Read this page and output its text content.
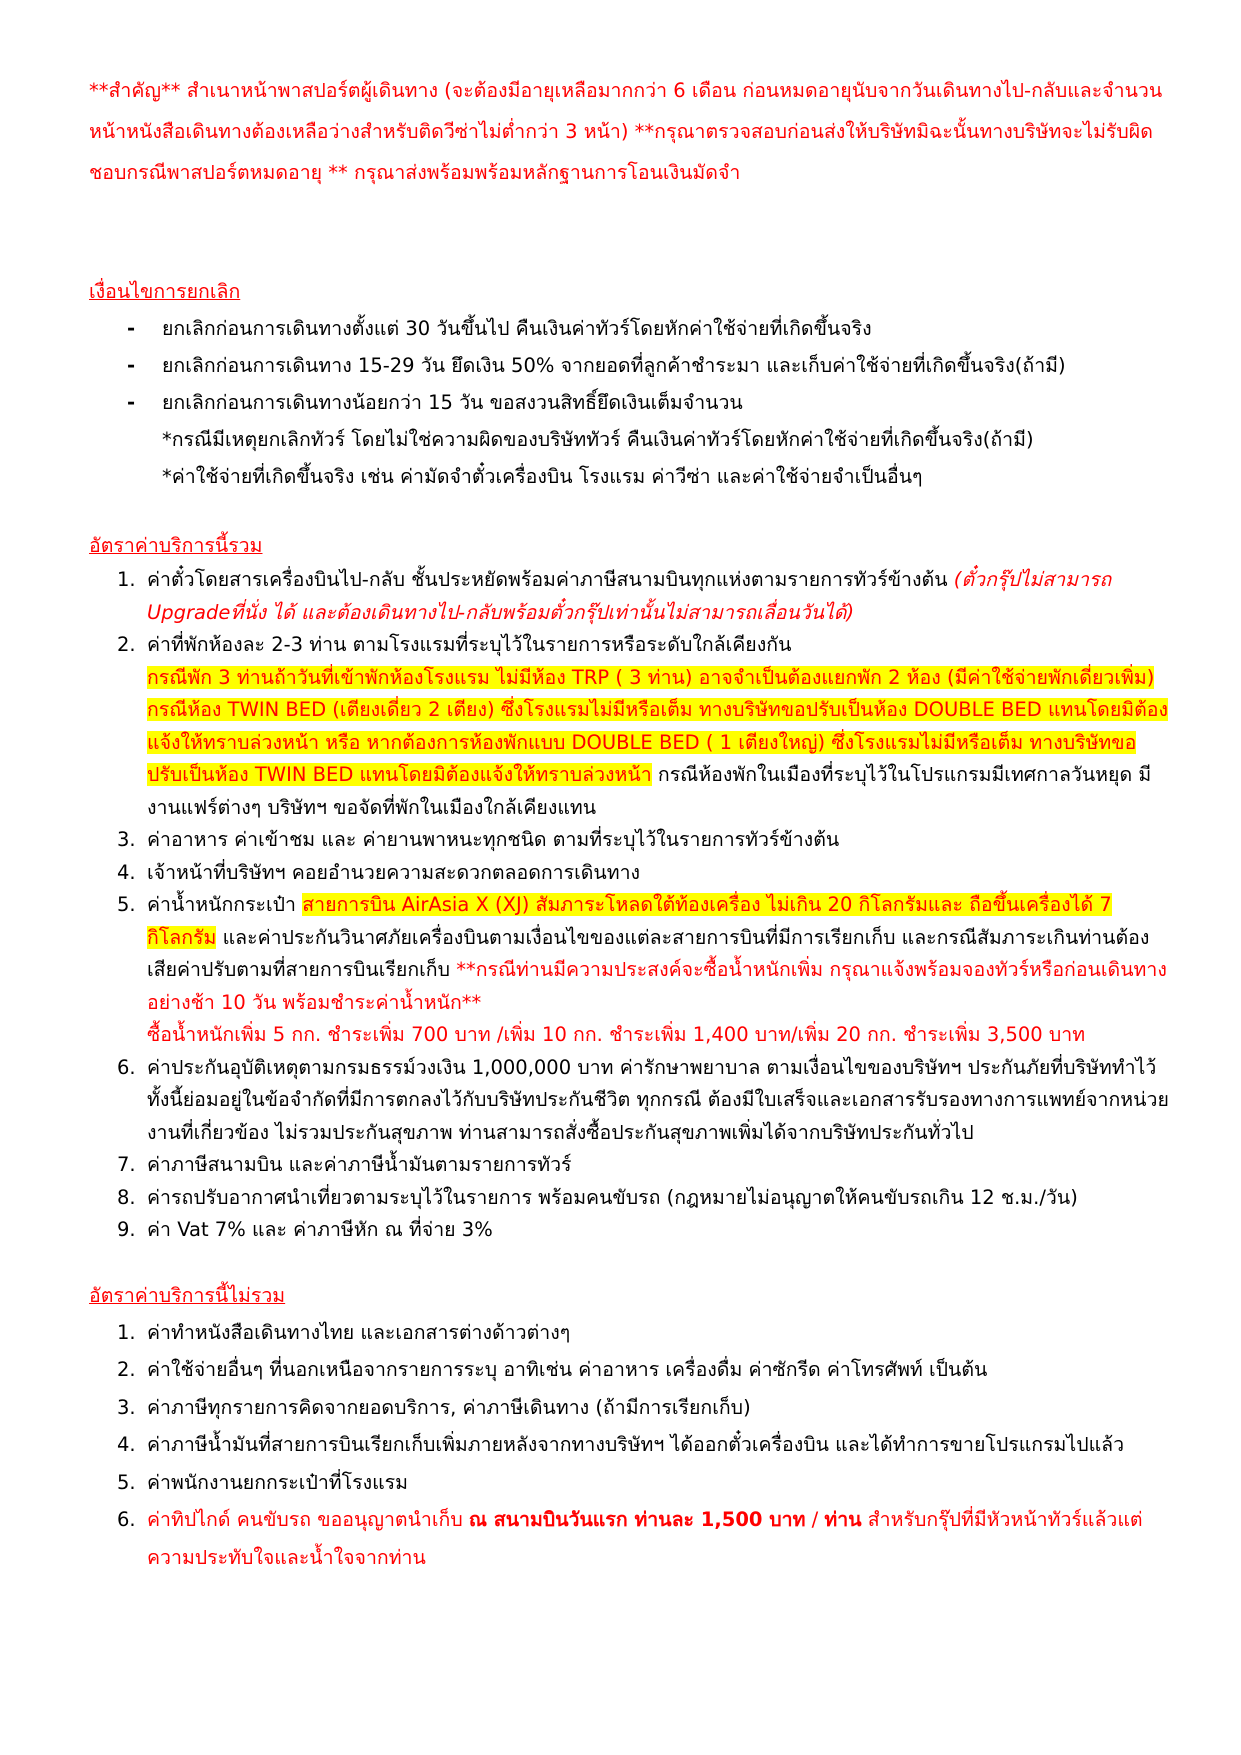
**สำคัญ** สำเนาหน้าพาสปอร์ตผู้เดินทาง (จะต้องมีอายุเหลือมากกว่า 6 เดือน ก่อนหมดอายุนับจากวันเดินทางไป-กลับและจำนวนหน้าหนังสือเดินทางต้องเหลือว่างสำหรับติดวีซ่าไม่ต่ำกว่า 3 หน้า) **กรุณาตรวจสอบก่อนส่งให้บริษัทมิฉะนั้นทางบริษัทจะไม่รับผิดชอบกรณีพาสปอร์ตหมดอายุ ** กรุณาส่งพร้อมพร้อมหลักฐานการโอนเงินมัดจำ

เงื่อนไขการยกเลิก

- ยกเลิกก่อนการเดินทางตั้งแต่ 30 วันขึ้นไป คืนเงินค่าทัวร์โดยหักค่าใช้จ่ายที่เกิดขึ้นจริง
- ยกเลิกก่อนการเดินทาง 15-29 วัน ยึดเงิน 50% จากยอดที่ลูกค้าชำระมา และเก็บค่าใช้จ่ายที่เกิดขึ้นจริง(ถ้ามี)
- ยกเลิกก่อนการเดินทางน้อยกว่า 15 วัน ขอสงวนสิทธิ์ยึดเงินเต็มจำนวน
*กรณีมีเหตุยกเลิกทัวร์ โดยไม่ใช่ความผิดของบริษัททัวร์ คืนเงินค่าทัวร์โดยหักค่าใช้จ่ายที่เกิดขึ้นจริง(ถ้ามี)
*ค่าใช้จ่ายที่เกิดขึ้นจริง เช่น ค่ามัดจำตั๋วเครื่องบิน โรงแรม ค่าวีซ่า และค่าใช้จ่ายจำเป็นอื่นๆ

อัตราค่าบริการนี้รวม

1. ค่าตั๋วโดยสารเครื่องบินไป-กลับ ชั้นประหยัดพร้อมค่าภาษีสนามบินทุกแห่งตามรายการทัวร์ข้างต้น (ตั๋วกรุ๊ปไม่สามารถ Upgradeที่นั่ง ได้ และต้องเดินทางไป-กลับพร้อมตั๋วกรุ๊ปเท่านั้นไม่สามารถเลื่อนวันได้)
2. ค่าที่พักห้องละ 2-3 ท่าน ตามโรงแรมที่ระบุไว้ในรายการหรือระดับใกล้เคียงกัน
กรณีพัก 3 ท่านถ้าวันที่เข้าพักห้องโรงแรม ไม่มีห้อง TRP ( 3 ท่าน) อาจจำเป็นต้องแยกพัก 2 ห้อง (มีค่าใช้จ่ายพักเดี่ยวเพิ่ม) กรณีห้อง TWIN BED (เตียงเดี่ยว 2 เตียง) ซึ่งโรงแรมไม่มีหรือเต็ม ทางบริษัทขอปรับเป็นห้อง DOUBLE BED แทนโดยมิต้องแจ้งให้ทราบล่วงหน้า หรือ หากต้องการห้องพักแบบ DOUBLE BED ( 1 เตียงใหญ่) ซึ่งโรงแรมไม่มีหรือเต็ม ทางบริษัทขอปรับเป็นห้อง TWIN BED แทนโดยมิต้องแจ้งให้ทราบล่วงหน้า กรณีห้องพักในเมืองที่ระบุไว้ในโปรแกรมมีเทศกาลวันหยุด มีงานแฟร์ต่างๆ บริษัทฯ ขอจัดที่พักในเมืองใกล้เคียงแทน
3. ค่าอาหาร ค่าเข้าชม และ ค่ายานพาหนะทุกชนิด ตามที่ระบุไว้ในรายการทัวร์ข้างต้น
4. เจ้าหน้าที่บริษัทฯ คอยอำนวยความสะดวกตลอดการเดินทาง
5. ค่าน้ำหนักกระเป๋า สายการบิน AirAsia X (XJ) สัมภาระโหลดใต้ท้องเครื่อง ไม่เกิน 20 กิโลกรัมและ ถือขึ้นเครื่องได้ 7 กิโลกรัม และค่าประกันวินาศภัยเครื่องบินตามเงื่อนไขของแต่ละสายการบินที่มีการเรียกเก็บ และกรณีสัมภาระเกินท่านต้องเสียค่าปรับตามที่สายการบินเรียกเก็บ **กรณีท่านมีความประสงค์จะซื้อน้ำหนักเพิ่ม กรุณาแจ้งพร้อมจองทัวร์หรือก่อนเดินทางอย่างช้า 10 วัน พร้อมชำระค่าน้ำหนัก**
ซื้อน้ำหนักเพิ่ม 5 กก. ชำระเพิ่ม 700 บาท /เพิ่ม 10 กก. ชำระเพิ่ม 1,400 บาท/เพิ่ม 20 กก. ชำระเพิ่ม 3,500 บาท
6. ค่าประกันอุบัติเหตุตามกรมธรรม์วงเงิน 1,000,000 บาท ค่ารักษาพยาบาล ตามเงื่อนไขของบริษัทฯ ประกันภัยที่บริษัททำไว้ ทั้งนี้ย่อมอยู่ในข้อจำกัดที่มีการตกลงไว้กับบริษัทประกันชีวิต ทุกกรณี ต้องมีใบเสร็จและเอกสารรับรองทางการแพทย์จากหน่วยงานที่เกี่ยวข้อง ไม่รวมประกันสุขภาพ ท่านสามารถสั่งซื้อประกันสุขภาพเพิ่มได้จากบริษัทประกันทั่วไป
7. ค่าภาษีสนามบิน และค่าภาษีน้ำมันตามรายการทัวร์
8. ค่ารถปรับอากาศนำเที่ยวตามระบุไว้ในรายการ พร้อมคนขับรถ (กฎหมายไม่อนุญาตให้คนขับรถเกิน 12 ช.ม./วัน)
9. ค่า Vat 7% และ ค่าภาษีหัก ณ ที่จ่าย 3%

อัตราค่าบริการนี้ไม่รวม

1. ค่าทำหนังสือเดินทางไทย และเอกสารต่างด้าวต่างๆ
2. ค่าใช้จ่ายอื่นๆ ที่นอกเหนือจากรายการระบุ อาทิเช่น ค่าอาหาร เครื่องดื่ม ค่าซักรีด ค่าโทรศัพท์ เป็นต้น
3. ค่าภาษีทุกรายการคิดจากยอดบริการ, ค่าภาษีเดินทาง (ถ้ามีการเรียกเก็บ)
4. ค่าภาษีน้ำมันที่สายการบินเรียกเก็บเพิ่มภายหลังจากทางบริษัทฯ ได้ออกตั๋วเครื่องบิน และได้ทำการขายโปรแกรมไปแล้ว
5. ค่าพนักงานยกกระเป๋าที่โรงแรม
6. ค่าทิปไกด์ คนขับรถ ขออนุญาตนำเก็บ ณ สนามบินวันแรก ท่านละ 1,500 บาท / ท่าน สำหรับกรุ๊ปที่มีหัวหน้าทัวร์แล้วแต่ความประทับใจและน้ำใจจากท่าน
